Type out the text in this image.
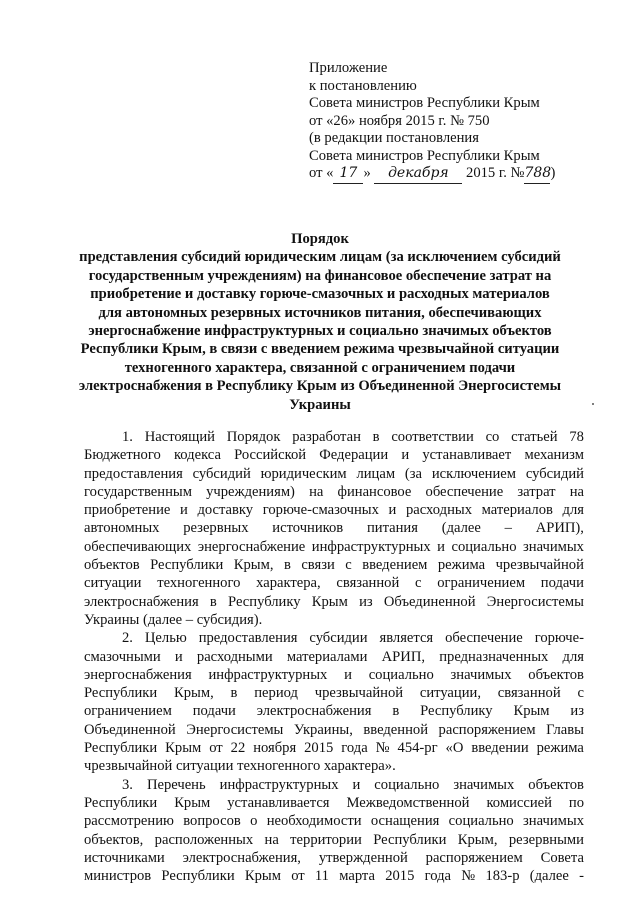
Приложение
к постановлению
Совета министров Республики Крым
от «26» ноября 2015 г. № 750
(в редакции постановления
Совета министров Республики Крым
от « 17 » декабря 2015 г. №788)
Порядок
представления субсидий юридическим лицам (за исключением субсидий
государственным учреждениям) на финансовое обеспечение затрат на
приобретение и доставку горюче-смазочных и расходных материалов
для автономных резервных источников питания, обеспечивающих
энергоснабжение инфраструктурных и социально значимых объектов
Республики Крым, в связи с введением режима чрезвычайной ситуации
техногенного характера, связанной с ограничением подачи
электроснабжения в Республику Крым из Объединенной Энергосистемы
Украины
1. Настоящий Порядок разработан в соответствии со статьей 78
Бюджетного кодекса Российской Федерации и устанавливает механизм
предоставления субсидий юридическим лицам (за исключением субсидий
государственным учреждениям) на финансовое обеспечение затрат на
приобретение и доставку горюче-смазочных и расходных материалов для
автономных резервных источников питания (далее – АРИП),
обеспечивающих энергоснабжение инфраструктурных и социально значимых
объектов Республики Крым, в связи с введением режима чрезвычайной
ситуации техногенного характера, связанной с ограничением подачи
электроснабжения в Республику Крым из Объединенной Энергосистемы
Украины (далее – субсидия).
2. Целью предоставления субсидии является обеспечение горюче-
смазочными и расходными материалами АРИП, предназначенных для
энергоснабжения инфраструктурных и социально значимых объектов
Республики Крым, в период чрезвычайной ситуации, связанной с
ограничением подачи электроснабжения в Республику Крым из
Объединенной Энергосистемы Украины, введенной распоряжением Главы
Республики Крым от 22 ноября 2015 года № 454-рг «О введении режима
чрезвычайной ситуации техногенного характера».
3. Перечень инфраструктурных и социально значимых объектов
Республики Крым устанавливается Межведомственной комиссией по
рассмотрению вопросов о необходимости оснащения социально значимых
объектов, расположенных на территории Республики Крым, резервными
источниками электроснабжения, утвержденной распоряжением Совета
министров Республики Крым от 11 марта 2015 года № 183-р (далее -
